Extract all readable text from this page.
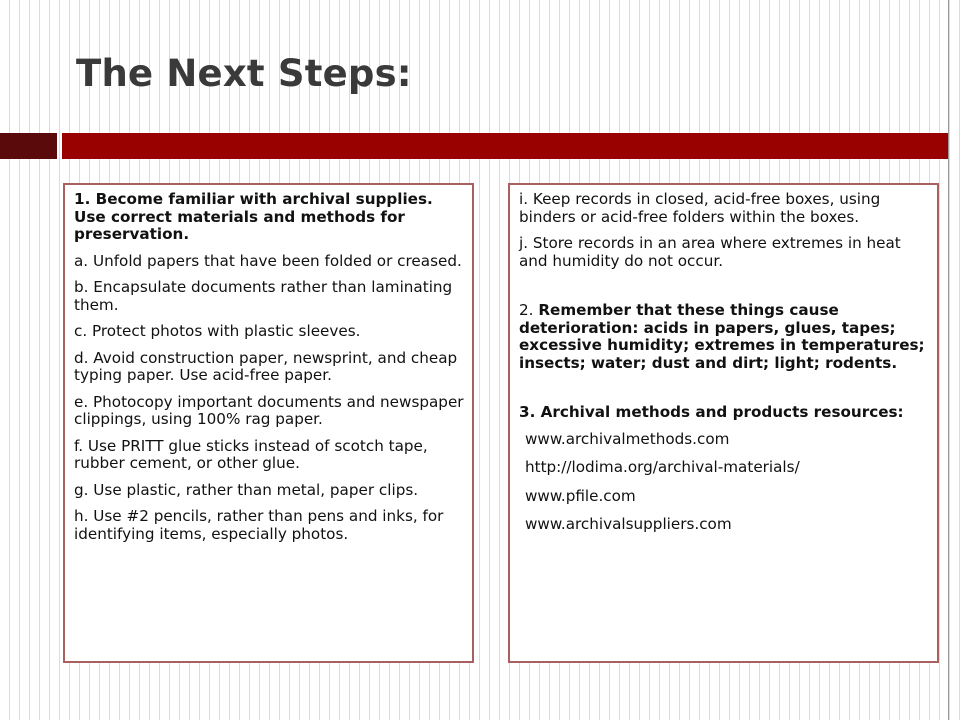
The Next Steps:

1. Become familiar with archival supplies. Use correct materials and methods for preservation.

a. Unfold papers that have been folded or creased.

b. Encapsulate documents rather than laminating them.

c. Protect photos with plastic sleeves.

d. Avoid construction paper, newsprint, and cheap typing paper. Use acid-free paper.

e. Photocopy important documents and newspaper clippings, using 100% rag paper.

f. Use PRITT glue sticks instead of scotch tape, rubber cement, or other glue.

g. Use plastic, rather than metal, paper clips.

h. Use #2 pencils, rather than pens and inks, for identifying items, especially photos.

i. Keep records in closed, acid-free boxes, using binders or acid-free folders within the boxes.

j. Store records in an area where extremes in heat and humidity do not occur.

2. Remember that these things cause deterioration: acids in papers, glues, tapes; excessive humidity; extremes in temperatures; insects; water; dust and dirt; light; rodents.

3. Archival methods and products resources:

www.archivalmethods.com

http://lodima.org/archival-materials/

www.pfile.com

www.archivalsuppliers.com
